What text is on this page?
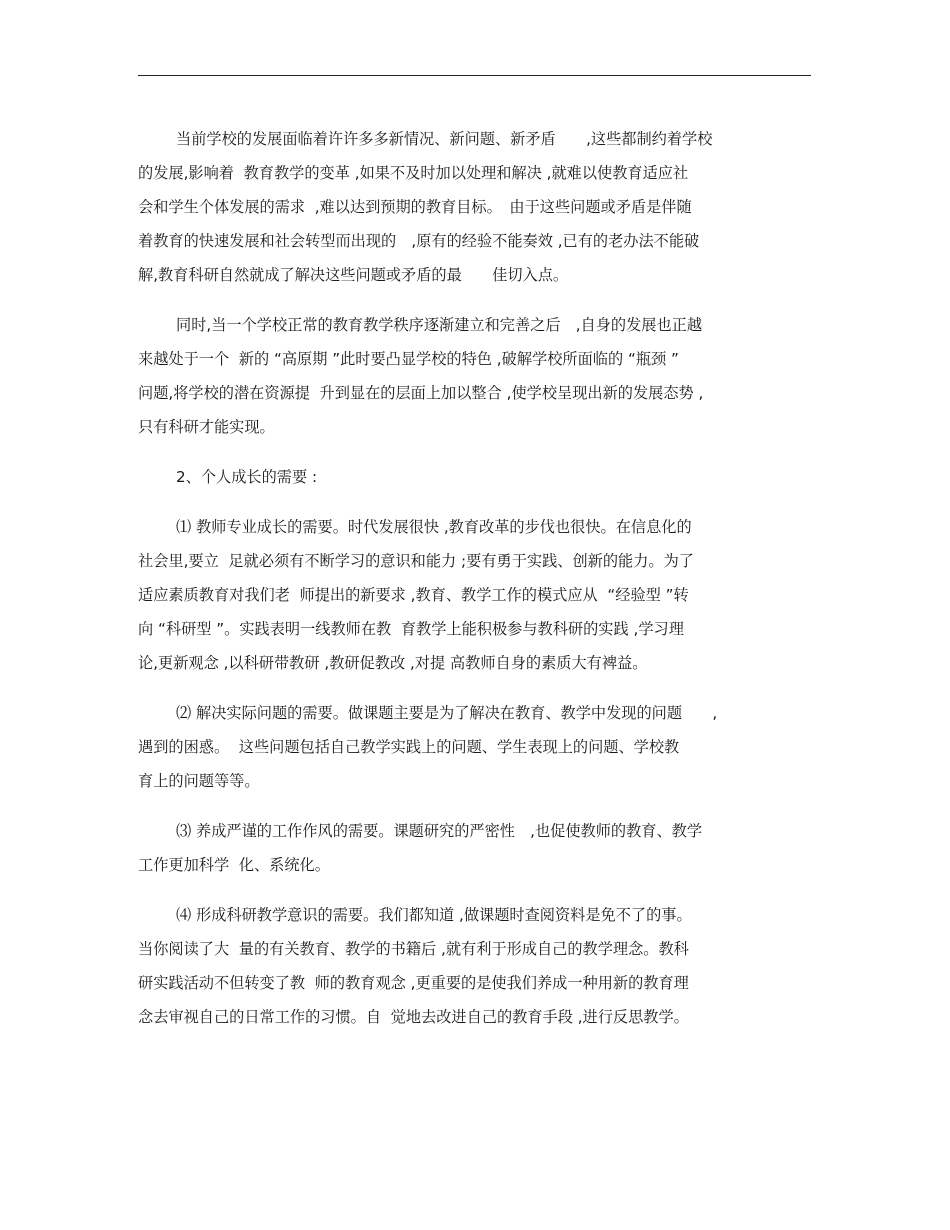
当前学校的发展面临着许许多多新情况、新问题、新矛盾　　,这些都制约着学校
的发展,影响着  教育教学的变革 ,如果不及时加以处理和解决 ,就难以使教育适应社
会和学生个体发展的需求  ,难以达到预期的教育目标。　由于这些问题或矛盾是伴随
着教育的快速发展和社会转型而出现的　,原有的经验不能奏效 ,已有的老办法不能破
解,教育科研自然就成了解决这些问题或矛盾的最　　佳切入点。
同时,当一个学校正常的教育教学秩序逐渐建立和完善之后　,自身的发展也正越
来越处于一个  新的 “高原期 ”此时要凸显学校的特色 ,破解学校所面临的 “瓶颈 ”
问题,将学校的潜在资源提  升到显在的层面上加以整合 ,使学校呈现出新的发展态势 ,
只有科研才能实现。
2、个人成长的需要 :
⑴ 教师专业成长的需要。时代发展很快 ,教育改革的步伐也很快。在信息化的
社会里,要立  足就必须有不断学习的意识和能力 ;要有勇于实践、创新的能力。为了
适应素质教育对我们老  师提出的新要求 ,教育、教学工作的模式应从  “经验型 ”转
向 “科研型 ”。实践表明一线教师在教  育教学上能积极参与教科研的实践 ,学习理
论,更新观念 ,以科研带教研 ,教研促教改 ,对提 高教师自身的素质大有裨益。
⑵ 解决实际问题的需要。做课题主要是为了解决在教育、教学中发现的问题　　,
遇到的困惑。  这些问题包括自己教学实践上的问题、学生表现上的问题、学校教
育上的问题等等。
⑶ 养成严谨的工作作风的需要。课题研究的严密性　,也促使教师的教育、教学
工作更加科学  化、系统化。
⑷ 形成科研教学意识的需要。我们都知道 ,做课题时查阅资料是免不了的事。
当你阅读了大  量的有关教育、教学的书籍后 ,就有利于形成自己的教学理念。教科
研实践活动不但转变了教  师的教育观念 ,更重要的是使我们养成一种用新的教育理
念去审视自己的日常工作的习惯。自  觉地去改进自己的教育手段 ,进行反思教学。
